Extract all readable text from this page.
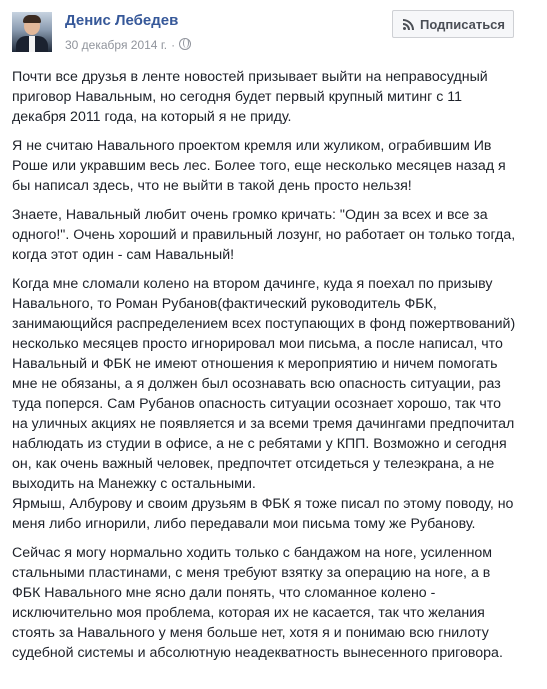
Денис Лебедев
30 декабря 2014 г. ·
Подписаться

Почти все друзья в ленте новостей призывает выйти на неправосудный
приговор Навальным, но сегодня будет первый крупный митинг с 11
декабря 2011 года, на который я не приду.

Я не считаю Навального проектом кремля или жуликом, ограбившим Ив
Роше или укравшим весь лес. Более того, еще несколько месяцев назад я
бы написал здесь, что не выйти в такой день просто нельзя!

Знаете, Навальный любит очень громко кричать: "Один за всех и все за
одного!". Очень хороший и правильный лозунг, но работает он только тогда,
когда этот один - сам Навальный!

Когда мне сломали колено на втором дачинге, куда я поехал по призыву
Навального, то Роман Рубанов(фактический руководитель ФБК,
занимающийся распределением всех поступающих в фонд пожертвований)
несколько месяцев просто игнорировал мои письма, а после написал, что
Навальный и ФБК не имеют отношения к мероприятию и ничем помогать
мне не обязаны, а я должен был осознавать всю опасность ситуации, раз
туда поперся. Сам Рубанов опасность ситуации осознает хорошо, так что
на уличных акциях не появляется и за всеми тремя дачингами предпочитал
наблюдать из студии в офисе, а не с ребятами у КПП. Возможно и сегодня
он, как очень важный человек, предпочтет отсидеться у телеэкрана, а не
выходить на Манежку с остальными.
Ярмыш, Албурову и своим друзьям в ФБК я тоже писал по этому поводу, но
меня либо игнорили, либо передавали мои письма тому же Рубанову.

Сейчас я могу нормально ходить только с бандажом на ноге, усиленном
стальными пластинами, с меня требуют взятку за операцию на ноге, а в
ФБК Навального мне ясно дали понять, что сломанное колено -
исключительно моя проблема, которая их не касается, так что желания
стоять за Навального у меня больше нет, хотя я и понимаю всю гнилоту
судебной системы и абсолютную неадекватность вынесенного приговора.
